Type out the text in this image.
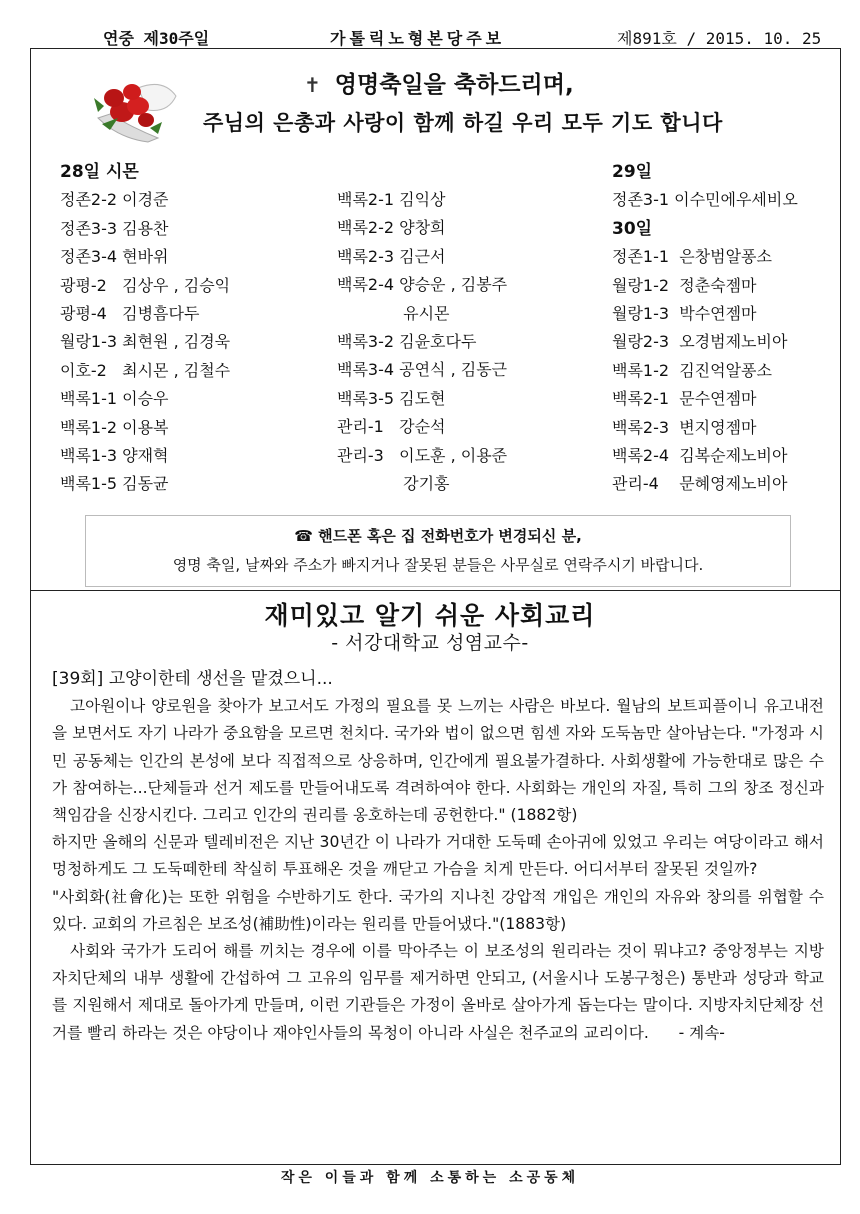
연중 제30주일	가톨릭노형본당주보	제891호 / 2015. 10. 25
✝ 영명축일을 축하드리며,
주님의 은총과 사랑이 함께 하길 우리 모두 기도 합니다
28일 시몬
정존2-2 이경준
정존3-3 김용찬
정존3-4 현바위
광평-2   김상우 , 김승익
광평-4   김병흠다두
월랑1-3 최현원 , 김경욱
이호-2   최시몬 , 김철수
백록1-1 이승우
백록1-2 이용복
백록1-3 양재혁
백록1-5 김동균
백록2-1 김익상
백록2-2 양창희
백록2-3 김근서
백록2-4 양승운 , 김봉주
유시몬
백록3-2 김윤호다두
백록3-4 공연식 , 김동근
백록3-5 김도현
관리-1   강순석
관리-3   이도훈 , 이용준
강기홍
29일
정존3-1 이수민에우세비오
30일
정존1-1  은창범알퐁소
월랑1-2  정춘숙젬마
월랑1-3  박수연젬마
월랑2-3  오경범제노비아
백록1-2  김진억알퐁소
백록2-1  문수연젬마
백록2-3  변지영젬마
백록2-4  김복순제노비아
관리-4    문혜영제노비아
☎ 핸드폰 혹은 집 전화번호가 변경되신 분,
영명 축일, 날짜와 주소가 빠지거나 잘못된 분들은 사무실로 연락주시기 바랍니다.
재미있고 알기 쉬운 사회교리
- 서강대학교 성염교수-

[39회] 고양이한테 생선을 맡겼으니...

고아원이나 양로원을 찾아가 보고서도 가정의 필요를 못 느끼는 사람은 바보다. 월남의 보트피플이니 유고내전을 보면서도 자기 나라가 중요함을 모르면 천치다. 국가와 법이 없으면 힘센 자와 도둑놈만 살아남는다. "가정과 시민 공동체는 인간의 본성에 보다 직접적으로 상응하며, 인간에게 필요불가결하다. 사회생활에 가능한대로 많은 수가 참여하는...단체들과 선거 제도를 만들어내도록 격려하여야 한다. 사회화는 개인의 자질, 특히 그의 창조 정신과 책임감을 신장시킨다. 그리고 인간의 권리를 옹호하는데 공헌한다." (1882항)

하지만 올해의 신문과 텔레비전은 지난 30년간 이 나라가 거대한 도둑떼 손아귀에 있었고 우리는 여당이라고 해서 멍청하게도 그 도둑떼한테 착실히 투표해온 것을 깨닫고 가슴을 치게 만든다. 어디서부터 잘못된 것일까?

"사회화(社會化)는 또한 위험을 수반하기도 한다. 국가의 지나친 강압적 개입은 개인의 자유와 창의를 위협할 수 있다. 교회의 가르침은 보조성(補助性)이라는 원리를 만들어냈다."(1883항)

사회와 국가가 도리어 해를 끼치는 경우에 이를 막아주는 이 보조성의 원리라는 것이 뭐냐고? 중앙정부는 지방자치단체의 내부 생활에 간섭하여 그 고유의 임무를 제거하면 안되고, (서울시나 도봉구청은) 통반과 성당과 학교를 지원해서 제대로 돌아가게 만들며, 이런 기관들은 가정이 올바로 살아가게 돕는다는 말이다. 지방자치단체장 선거를 빨리 하라는 것은 야당이나 재야인사들의 목청이 아니라 사실은 천주교의 교리이다. - 계속-

작은 이들과 함께 소통하는 소공동체
